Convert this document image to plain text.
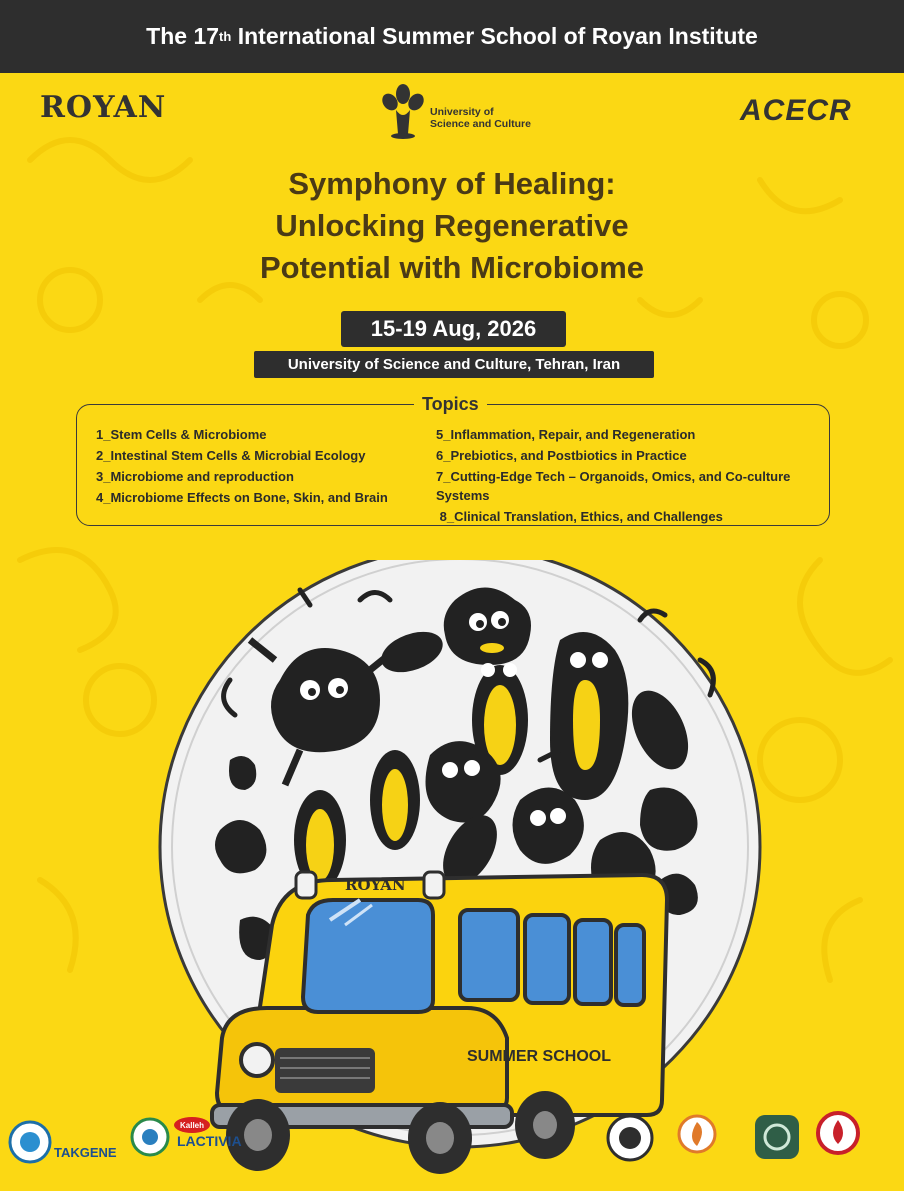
The 17 th International Summer School of Royan Institute
ROYAN	University of
Science and Culture	ACECR
Symphony of Healing:
Unlocking Regenerative
Potential with Microbiome
15-19 Aug, 2026
University of Science and Culture, Tehran, Iran
Topics
1_Stem Cells & Microbiome
2_Intestinal Stem Cells & Microbial Ecology
3_Microbiome and reproduction
4_Microbiome Effects on Bone, Skin, and Brain
5_Inflammation, Repair, and Regeneration
6_Prebiotics, and Postbiotics in Practice
7_Cutting-Edge Tech – Organoids, Omics, and Co-culture Systems
8_Clinical Translation, Ethics, and Challenges
ROYAN
SUMMER SCHOOL
TAKGENE
Kalleh
LACTIVIA
